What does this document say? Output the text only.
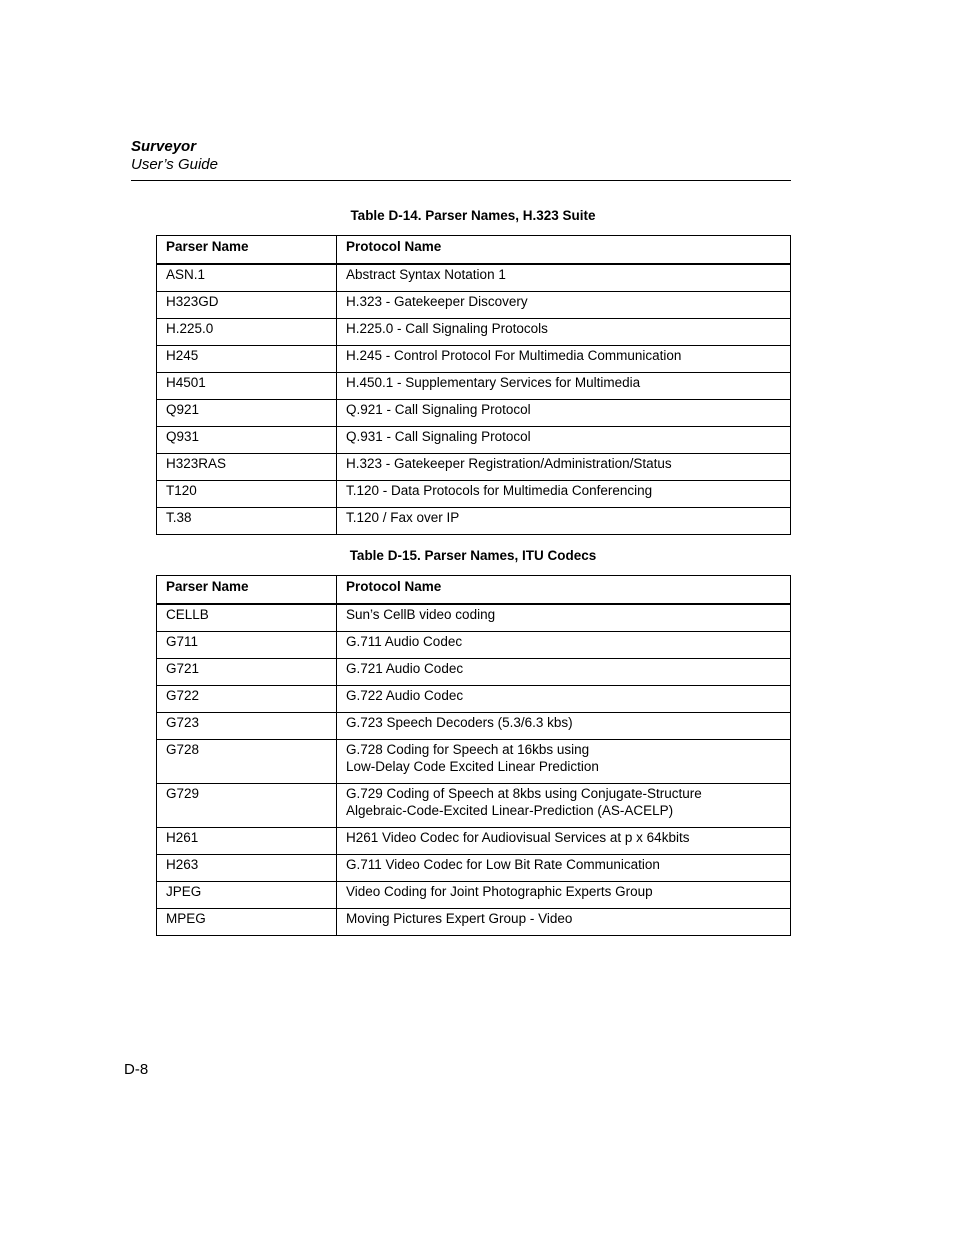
Surveyor
User’s Guide
Table D-14. Parser Names, H.323 Suite
Parser Name	Protocol Name
ASN.1	Abstract Syntax Notation 1
H323GD	H.323 - Gatekeeper Discovery
H.225.0	H.225.0 - Call Signaling Protocols
H245	H.245 - Control Protocol For Multimedia Communication
H4501	H.450.1 - Supplementary Services for Multimedia
Q921	Q.921 - Call Signaling Protocol
Q931	Q.931 - Call Signaling Protocol
H323RAS	H.323 - Gatekeeper Registration/Administration/Status
T120	T.120 - Data Protocols for Multimedia Conferencing
T.38	T.120 / Fax over IP
Table D-15. Parser Names, ITU Codecs
Parser Name	Protocol Name
CELLB	Sun’s CellB video coding
G711	G.711 Audio Codec
G721	G.721 Audio Codec
G722	G.722 Audio Codec
G723	G.723 Speech Decoders (5.3/6.3 kbs)
G728	G.728 Coding for Speech at 16kbs using
Low-Delay Code Excited Linear Prediction
G729	G.729 Coding of Speech at 8kbs using Conjugate-Structure
Algebraic-Code-Excited Linear-Prediction (AS-ACELP)
H261	H261 Video Codec for Audiovisual Services at p x 64kbits
H263	G.711 Video Codec for Low Bit Rate Communication
JPEG	Video Coding for Joint Photographic Experts Group
MPEG	Moving Pictures Expert Group - Video
D-8
